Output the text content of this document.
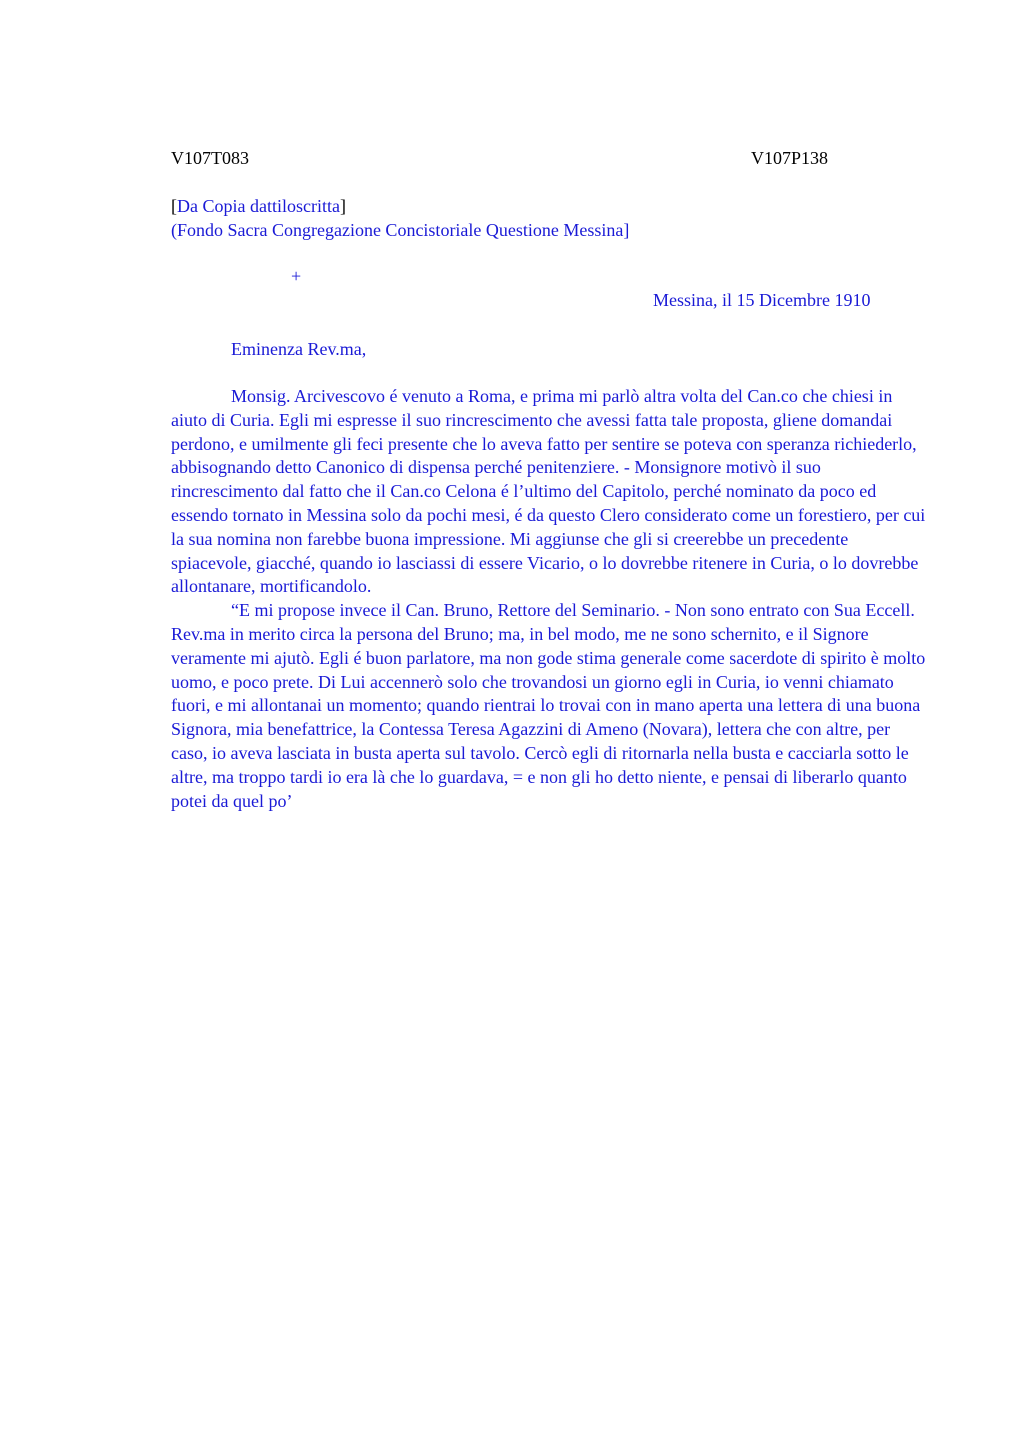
V107T083	V107P138
[Da Copia dattiloscritta]
(Fondo Sacra Congregazione Concistoriale Questione Messina]
+
Messina, il 15 Dicembre 1910
Eminenza Rev.ma,

Monsig. Arcivescovo é venuto a Roma, e prima mi parlò altra volta del Can.co che chiesi in aiuto di Curia. Egli mi espresse il suo rincrescimento che avessi fatta tale proposta, gliene domandai perdono, e umilmente gli feci presente che lo aveva fatto per sentire se poteva con speranza richiederlo, abbisognando detto Canonico di dispensa perché penitenziere. - Monsignore motivò il suo rincrescimento dal fatto che il Can.co Celona é l’ultimo del Capitolo, perché nominato da poco ed essendo tornato in Messina solo da pochi mesi, é da questo Clero considerato come un forestiero, per cui la sua nomina non farebbe buona impressione. Mi aggiunse che gli si creerebbe un precedente spiacevole, giacché, quando io lasciassi di essere Vicario, o lo dovrebbe ritenere in Curia, o lo dovrebbe allontanare, mortificandolo.

“E mi propose invece il Can. Bruno, Rettore del Seminario. - Non sono entrato con Sua Eccell. Rev.ma in merito circa la persona del Bruno; ma, in bel modo, me ne sono schernito, e il Signore veramente mi ajutò. Egli é buon parlatore, ma non gode stima generale come sacerdote di spirito è molto uomo, e poco prete. Di Lui accennerò solo che trovandosi un giorno egli in Curia, io venni chiamato fuori, e mi allontanai un momento; quando rientrai lo trovai con in mano aperta una lettera di una buona Signora, mia benefattrice, la Contessa Teresa Agazzini di Ameno (Novara), lettera che con altre, per caso, io aveva lasciata in busta aperta sul tavolo. Cercò egli di ritornarla nella busta e cacciarla sotto le altre, ma troppo tardi io era là che lo guardava, = e non gli ho detto niente, e pensai di liberarlo quanto potei da quel po’
